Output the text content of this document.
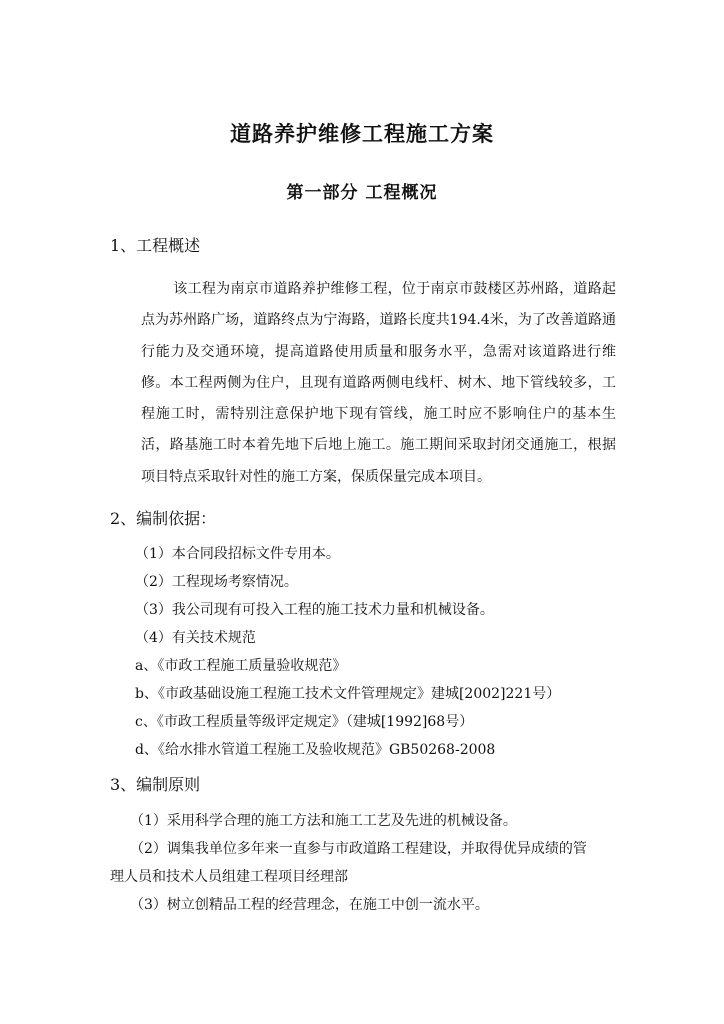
道路养护维修工程施工方案
第一部分 工程概况
1、工程概述
该工程为南京市道路养护维修工程，位于南京市鼓楼区苏州路，道路起点为苏州路广场，道路终点为宁海路，道路长度共194.4米，为了改善道路通行能力及交通环境，提高道路使用质量和服务水平，急需对该道路进行维修。本工程两侧为住户，且现有道路两侧电线杆、树木、地下管线较多，工程施工时，需特别注意保护地下现有管线，施工时应不影响住户的基本生活，路基施工时本着先地下后地上施工。施工期间采取封闭交通施工，根据项目特点采取针对性的施工方案，保质保量完成本项目。
2、编制依据：
（1）本合同段招标文件专用本。
（2）工程现场考察情况。
（3）我公司现有可投入工程的施工技术力量和机械设备。
（4）有关技术规范
a、《市政工程施工质量验收规范》
b、《市政基础设施工程施工技术文件管理规定》建城[2002]221号）
c、《市政工程质量等级评定规定》（建城[1992]68号）
d、《给水排水管道工程施工及验收规范》GB50268-2008
3、编制原则
（1）采用科学合理的施工方法和施工工艺及先进的机械设备。
（2）调集我单位多年来一直参与市政道路工程建设，并取得优异成绩的管
理人员和技术人员组建工程项目经理部
（3）树立创精品工程的经营理念，在施工中创一流水平。
